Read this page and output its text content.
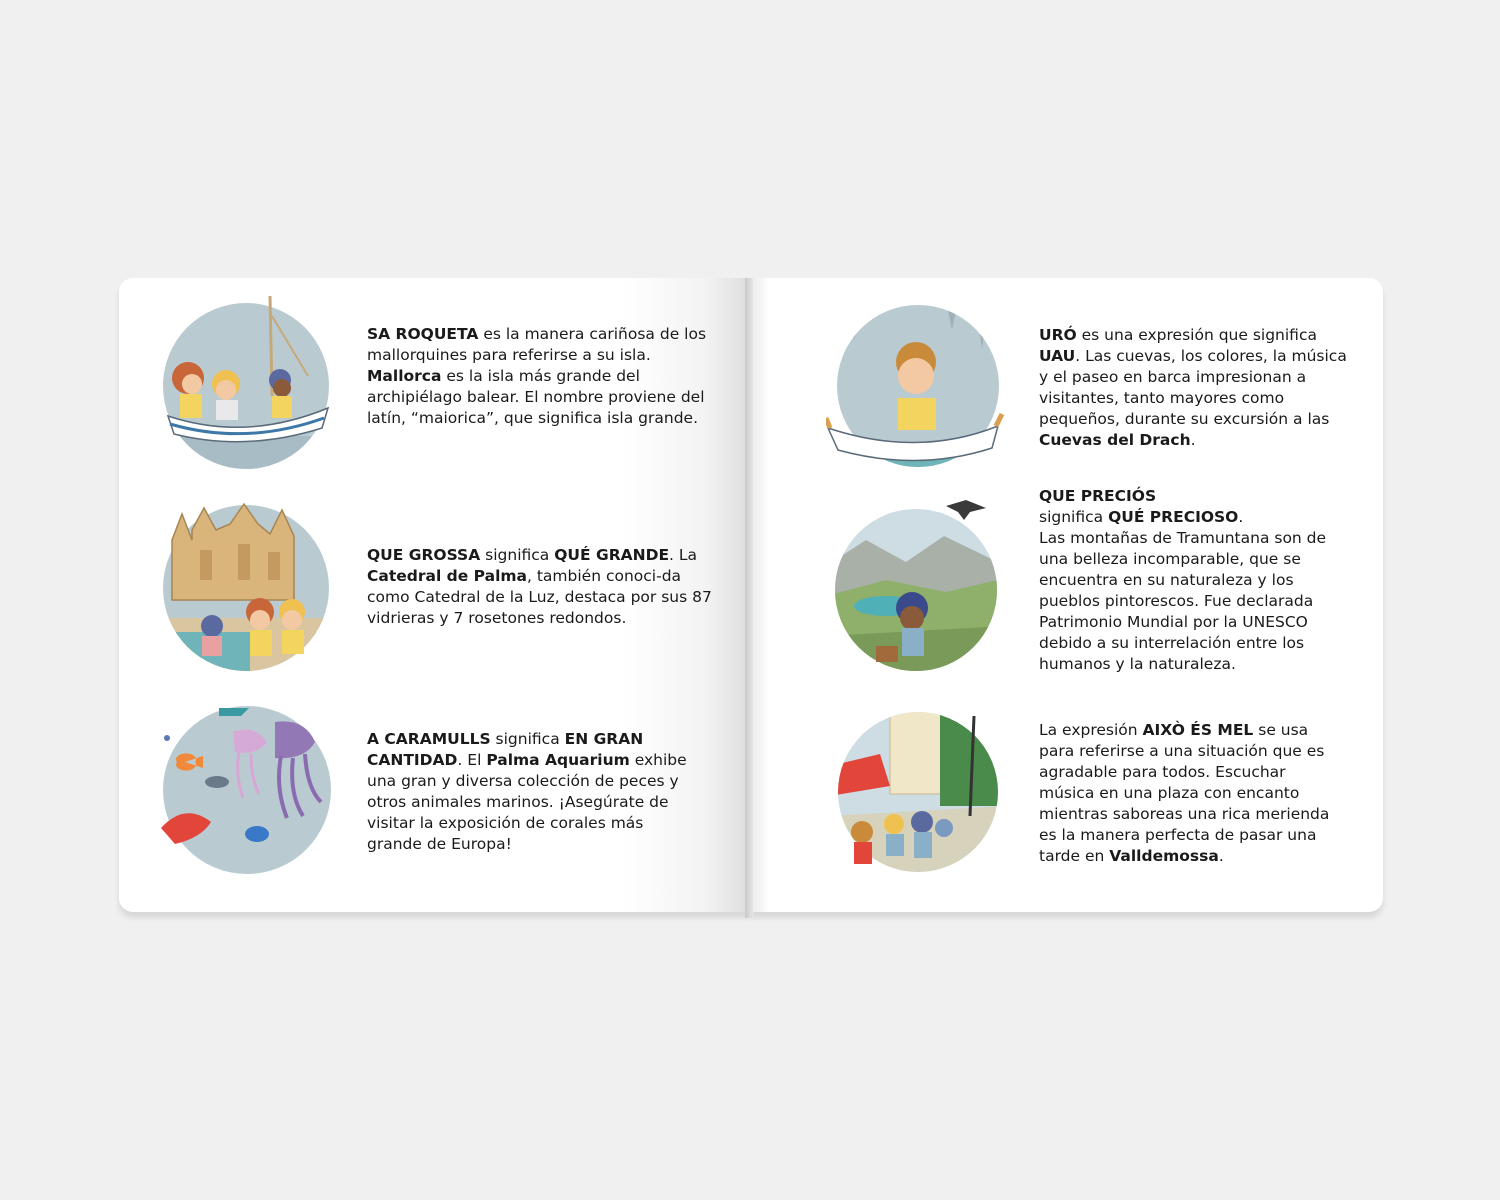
SA ROQUETA es la manera cariñosa de los mallorquines para referirse a su isla. Mallorca es la isla más grande del archipiélago balear. El nombre proviene del latín, “maiorica”, que significa isla grande.

QUE GROSSA significa QUÉ GRANDE. La Catedral de Palma, también conoci-da como Catedral de la Luz, destaca por sus 87 vidrieras y 7 rosetones redondos.

A CARAMULLS significa EN GRAN CANTIDAD. El Palma Aquarium exhibe una gran y diversa colección de peces y otros animales marinos. ¡Asegúrate de visitar la exposición de corales más grande de Europa!

URÓ es una expresión que significa UAU. Las cuevas, los colores, la música y el paseo en barca impresionan a visitantes, tanto mayores como pequeños, durante su excursión a las Cuevas del Drach.

QUE PRECIÓS
significa QUÉ PRECIOSO.
Las montañas de Tramuntana son de una belleza incomparable, que se encuentra en su naturaleza y los pueblos pintorescos. Fue declarada Patrimonio Mundial por la UNESCO debido a su interrelación entre los humanos y la naturaleza.

La expresión AIXÒ ÉS MEL se usa para referirse a una situación que es agradable para todos. Escuchar música en una plaza con encanto mientras saboreas una rica merienda es la manera perfecta de pasar una tarde en Valldemossa.
